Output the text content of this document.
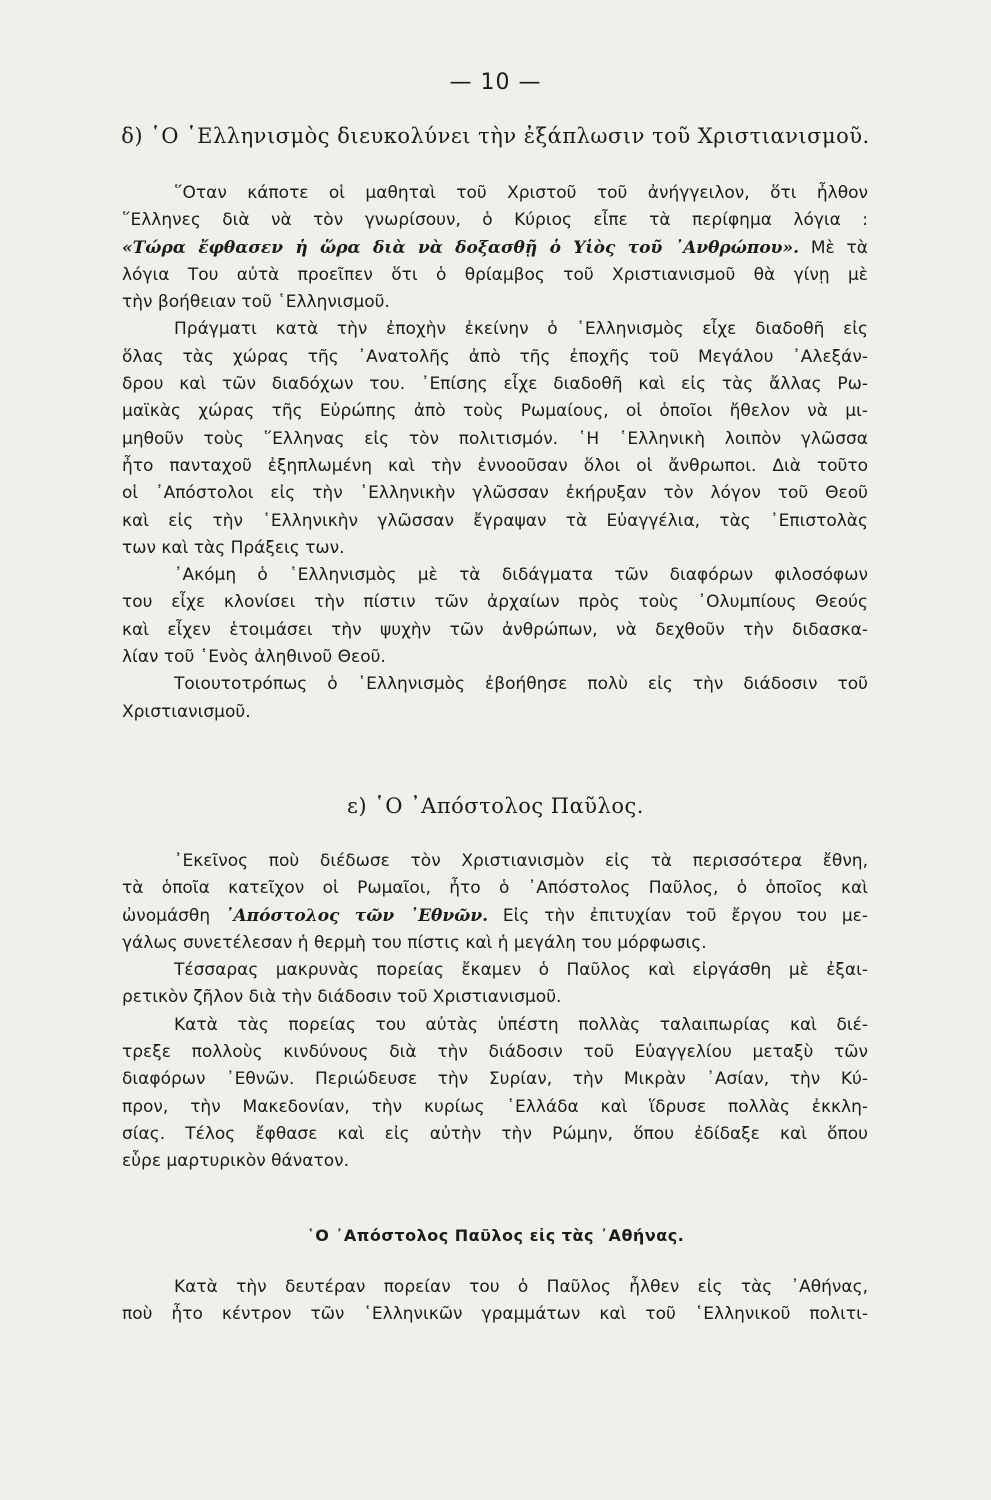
— 10 —
δ) ῾Ο ῾Ελληνισμὸς διευκολύνει τὴν ἐξάπλωσιν τοῦ Χριστιανισμοῦ.
῞Οταν κάποτε οἱ μαθηταὶ τοῦ Χριστοῦ τοῦ ἀνήγγειλον, ὅτι ἦλθον
῞Ελληνες διὰ νὰ τὸν γνωρίσουν, ὁ Κύριος εἶπε τὰ περίφημα λόγια :
«Τώρα ἔφθασεν ἡ ὥρα διὰ νὰ δοξασθῇ ὁ Υἱὸς τοῦ ᾽Ανθρώπου». Μὲ τὰ
λόγια Του αὐτὰ προεῖπεν ὅτι ὁ θρίαμβος τοῦ Χριστιανισμοῦ θὰ γίνῃ μὲ
τὴν βοήθειαν τοῦ ῾Ελληνισμοῦ.
Πράγματι κατὰ τὴν ἐποχὴν ἐκείνην ὁ ῾Ελληνισμὸς εἶχε διαδοθῆ εἰς
ὅλας τὰς χώρας τῆς ᾽Ανατολῆς ἀπὸ τῆς ἐποχῆς τοῦ Μεγάλου ᾽Αλεξάν-
δρου καὶ τῶν διαδόχων του. ᾽Επίσης εἶχε διαδοθῆ καὶ εἰς τὰς ἄλλας Ρω-
μαϊκὰς χώρας τῆς Εὐρώπης ἀπὸ τοὺς Ρωμαίους, οἱ ὁποῖοι ἤθελον νὰ μι-
μηθοῦν τοὺς ῞Ελληνας εἰς τὸν πολιτισμόν. ῾Η ῾Ελληνικὴ λοιπὸν γλῶσσα
ἦτο πανταχοῦ ἐξηπλωμένη καὶ τὴν ἐννοοῦσαν ὅλοι οἱ ἄνθρωποι. Διὰ τοῦτο
οἱ ᾽Απόστολοι εἰς τὴν ῾Ελληνικὴν γλῶσσαν ἐκήρυξαν τὸν λόγον τοῦ Θεοῦ
καὶ εἰς τὴν ῾Ελληνικὴν γλῶσσαν ἔγραψαν τὰ Εὐαγγέλια, τὰς ᾽Επιστολὰς
των καὶ τὰς Πράξεις των.
᾽Ακόμη ὁ ῾Ελληνισμὸς μὲ τὰ διδάγματα τῶν διαφόρων φιλοσόφων
του εἶχε κλονίσει τὴν πίστιν τῶν ἀρχαίων πρὸς τοὺς ᾽Ολυμπίους Θεούς
καὶ εἶχεν ἑτοιμάσει τὴν ψυχὴν τῶν ἀνθρώπων, νὰ δεχθοῦν τὴν διδασκα-
λίαν τοῦ ῾Ενὸς ἀληθινοῦ Θεοῦ.
Τοιουτοτρόπως ὁ ῾Ελληνισμὸς ἐβοήθησε πολὺ εἰς τὴν διάδοσιν τοῦ
Χριστιανισμοῦ.
ε) ῾Ο ᾽Απόστολος Παῦλος.
᾽Εκεῖνος ποὺ διέδωσε τὸν Χριστιανισμὸν εἰς τὰ περισσότερα ἔθνη,
τὰ ὁποῖα κατεῖχον οἱ Ρωμαῖοι, ἦτο ὁ ᾽Απόστολος Παῦλος, ὁ ὁποῖος καὶ
ὠνομάσθη ᾽Απόστολος τῶν ᾽Εθνῶν. Εἰς τὴν ἐπιτυχίαν τοῦ ἔργου του με-
γάλως συνετέλεσαν ἡ θερμὴ του πίστις καὶ ἡ μεγάλη του μόρφωσις.
Τέσσαρας μακρυνὰς πορείας ἔκαμεν ὁ Παῦλος καὶ εἰργάσθη μὲ ἐξαι-
ρετικὸν ζῆλον διὰ τὴν διάδοσιν τοῦ Χριστιανισμοῦ.
Κατὰ τὰς πορείας του αὐτὰς ὑπέστη πολλὰς ταλαιπωρίας καὶ διέ-
τρεξε πολλοὺς κινδύνους διὰ τὴν διάδοσιν τοῦ Εὐαγγελίου μεταξὺ τῶν
διαφόρων ᾽Εθνῶν. Περιώδευσε τὴν Συρίαν, τὴν Μικρὰν ᾽Ασίαν, τὴν Κύ-
προν, τὴν Μακεδονίαν, τὴν κυρίως ῾Ελλάδα καὶ ἵδρυσε πολλὰς ἐκκλη-
σίας. Τέλος ἔφθασε καὶ εἰς αὐτὴν τὴν Ρώμην, ὅπου ἐδίδαξε καὶ ὅπου
εὗρε μαρτυρικὸν θάνατον.
῾Ο ᾽Απόστολος Παῦλος εἰς τὰς ᾽Αθήνας.
Κατὰ τὴν δευτέραν πορείαν του ὁ Παῦλος ἦλθεν εἰς τὰς ᾽Αθήνας,
ποὺ ἦτο κέντρον τῶν ῾Ελληνικῶν γραμμάτων καὶ τοῦ ῾Ελληνικοῦ πολιτι-
